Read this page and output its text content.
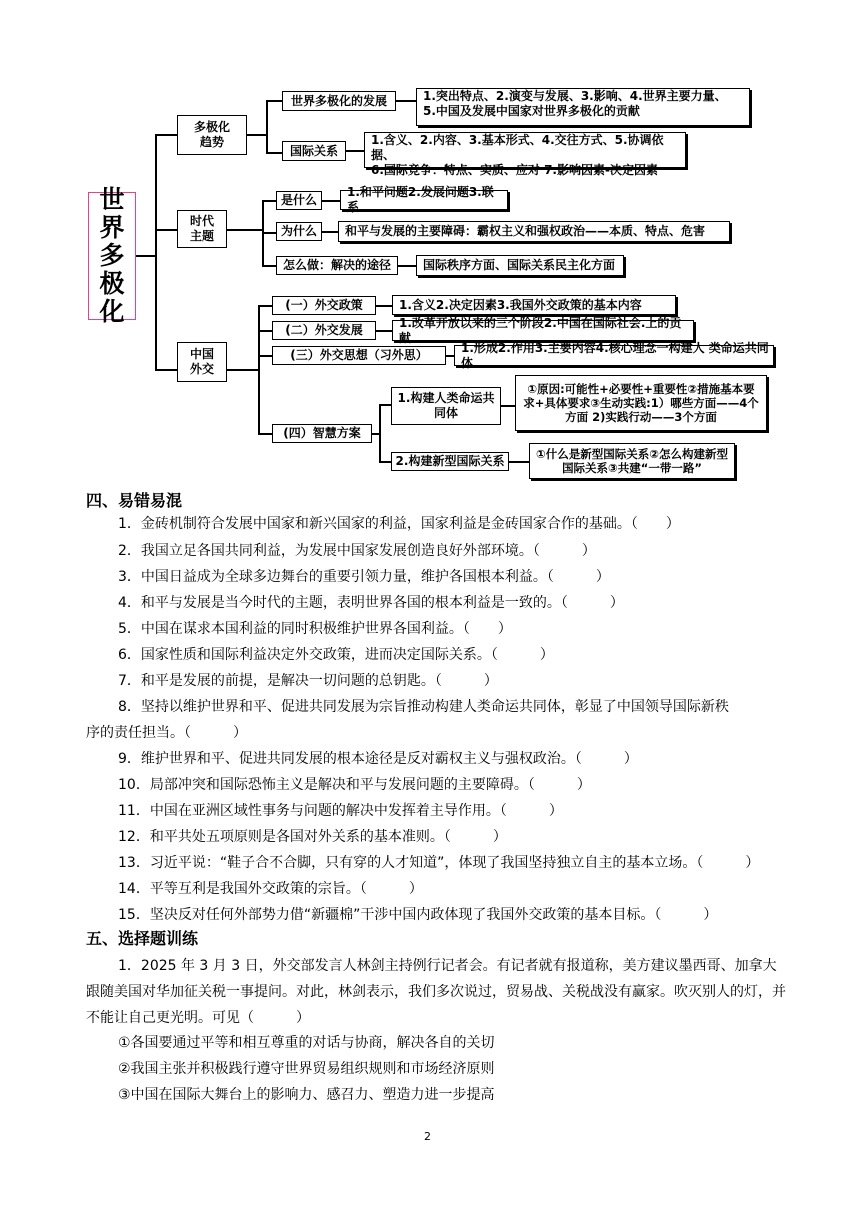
世界多极化
多极化趋势
世界多极化的发展	1.突出特点、2.演变与发展、3.影响、4.世界主要力量、
5.中国及发展中国家对世界多极化的贡献
国际关系
1.含义、2.内容、3.基本形式、4.交往方式、5.协调依据、
6.国际竞争：特点、实质、应对 7.影响因素-决定因素
时代主题
是什么
1.和平问题2.发展问题3.联系
为什么 和平与发展的主要障碍：霸权主义和强权政治——本质、特点、危害
怎么做：解决的途径	国际秩序方面、国际关系民主化方面
中国外交
(一）外交政策	1.含义2.决定因素3.我国外交政策的基本内容
(二）外交发展
1.改革开放以来的三个阶段2.中国在国际社会.上的贡献
(三）外交思想（习外思）
1.形成2.作用3.主要内容4.核心理念一构建人 类命运共同体
(四）智慧方案
1.构建人类命运共同体
①原因:可能性+必要性+重要性②措施基本要求+具体要求③生动实践:1）哪些方面——4个方面 2)实践行动——3个方面
2.构建新型国际关系	①什么是新型国际关系②怎么构建新型国际关系③共建“一带一路”
四、易错易混
1．金砖机制符合发展中国家和新兴国家的利益，国家利益是金砖国家合作的基础。（　　）
2．我国立足各国共同利益，为发展中国家发展创造良好外部环境。（　　　）
3．中国日益成为全球多边舞台的重要引领力量，维护各国根本利益。（　　　）
4．和平与发展是当今时代的主题，表明世界各国的根本利益是一致的。（　　　）
5．中国在谋求本国利益的同时积极维护世界各国利益。（　　）
6．国家性质和国际利益决定外交政策，进而决定国际关系。（　　　）
7．和平是发展的前提，是解决一切问题的总钥匙。（　　　）
8．坚持以维护世界和平、促进共同发展为宗旨推动构建人类命运共同体，彰显了中国领导国际新秩
序的责任担当。（　　　）
9．维护世界和平、促进共同发展的根本途径是反对霸权主义与强权政治。（　　　）
10．局部冲突和国际恐怖主义是解决和平与发展问题的主要障碍。（　　　）
11．中国在亚洲区域性事务与问题的解决中发挥着主导作用。（　　　）
12．和平共处五项原则是各国对外关系的基本准则。（　　　）
13．习近平说：“鞋子合不合脚，只有穿的人才知道”，体现了我国坚持独立自主的基本立场。（　　　）
14．平等互利是我国外交政策的宗旨。（　　　）
15．坚决反对任何外部势力借“新疆棉”干涉中国内政体现了我国外交政策的基本目标。（　　　）
五、选择题训练
1．2025 年 3 月 3 日，外交部发言人林剑主持例行记者会。有记者就有报道称，美方建议墨西哥、加拿大跟随美国对华加征关税一事提问。对此，林剑表示，我们多次说过，贸易战、关税战没有赢家。吹灭别人的灯，并不能让自己更光明。可见（　　　）
①各国要通过平等和相互尊重的对话与协商，解决各自的关切
②我国主张并积极践行遵守世界贸易组织规则和市场经济原则
③中国在国际大舞台上的影响力、感召力、塑造力进一步提高
2
